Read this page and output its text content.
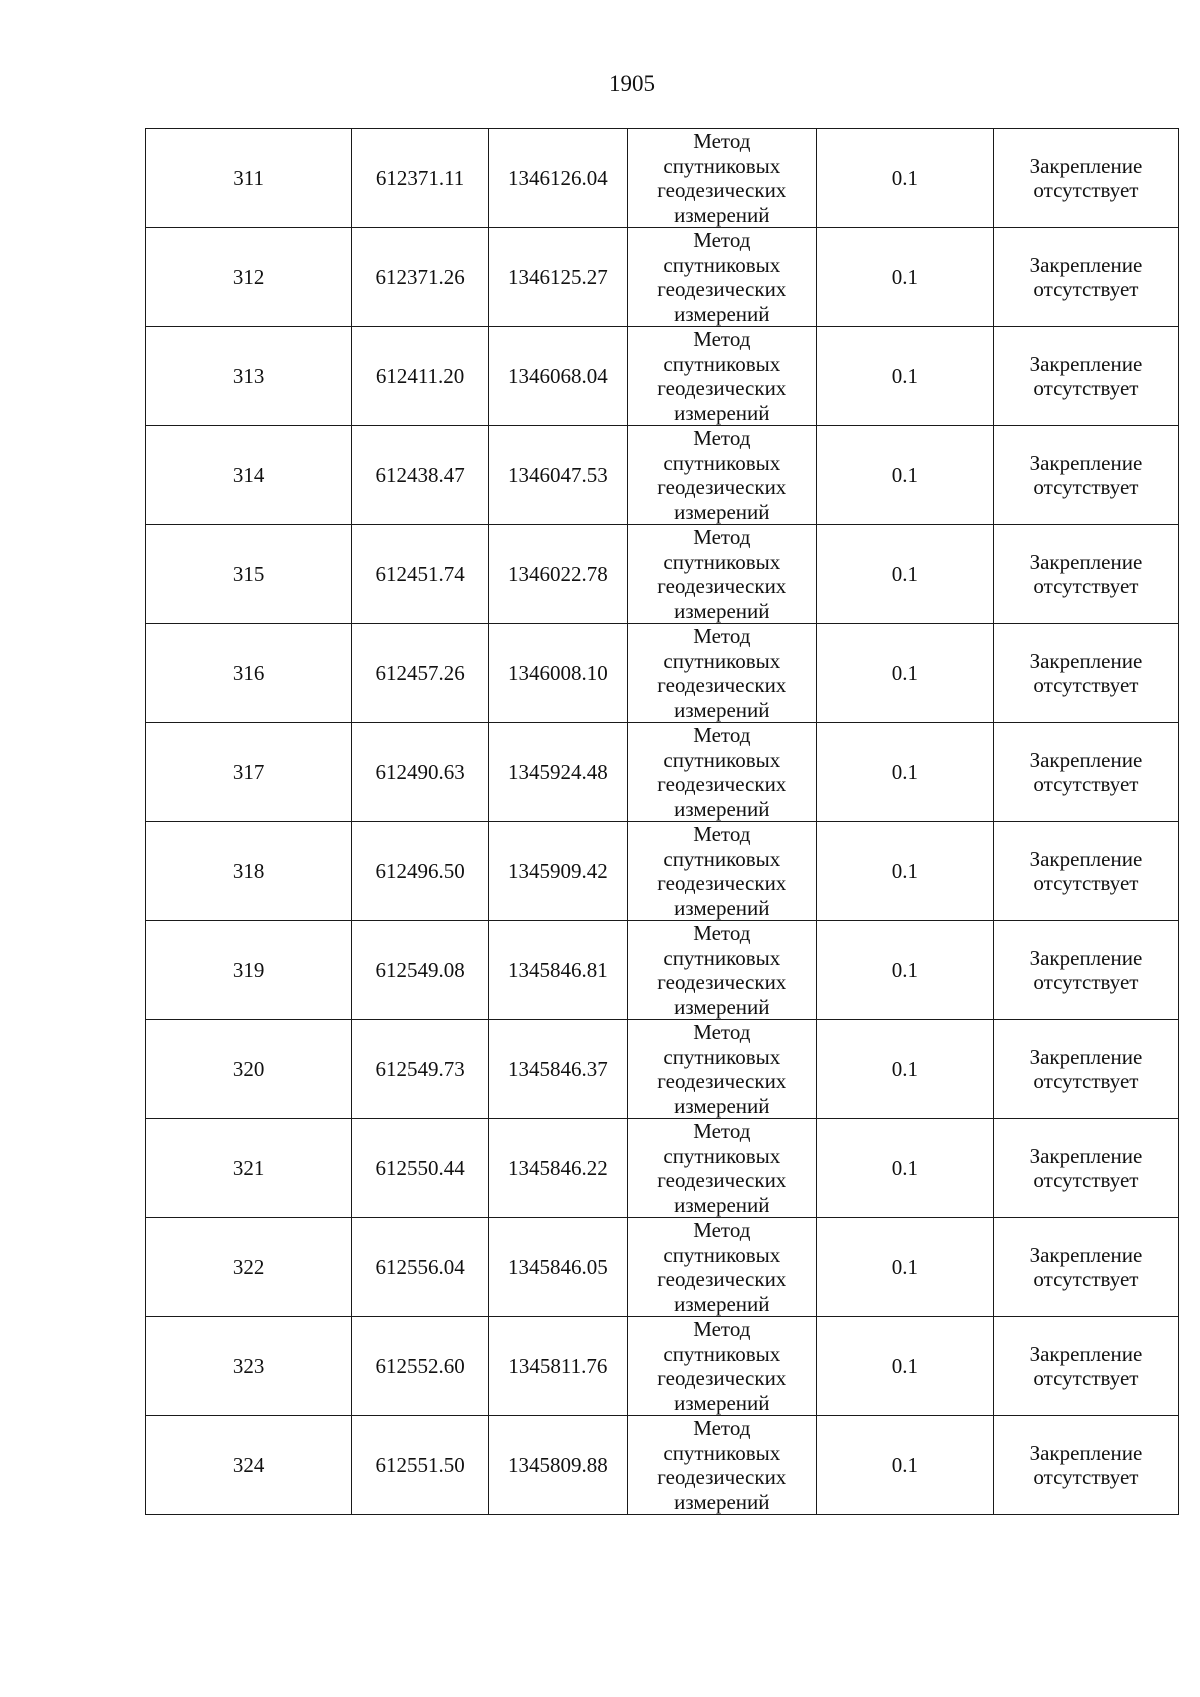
1905
311	612371.11	1346126.04	Метод
спутниковых
геодезических
измерений	0.1	Закрепление
отсутствует

312	612371.26	1346125.27	Метод
спутниковых
геодезических
измерений	0.1	Закрепление
отсутствует

313	612411.20	1346068.04	Метод
спутниковых
геодезических
измерений	0.1	Закрепление
отсутствует

314	612438.47	1346047.53	Метод
спутниковых
геодезических
измерений	0.1	Закрепление
отсутствует

315	612451.74	1346022.78	Метод
спутниковых
геодезических
измерений	0.1	Закрепление
отсутствует

316	612457.26	1346008.10	Метод
спутниковых
геодезических
измерений	0.1	Закрепление
отсутствует

317	612490.63	1345924.48	Метод
спутниковых
геодезических
измерений	0.1	Закрепление
отсутствует

318	612496.50	1345909.42	Метод
спутниковых
геодезических
измерений	0.1	Закрепление
отсутствует

319	612549.08	1345846.81	Метод
спутниковых
геодезических
измерений	0.1	Закрепление
отсутствует

320	612549.73	1345846.37	Метод
спутниковых
геодезических
измерений	0.1	Закрепление
отсутствует

321	612550.44	1345846.22	Метод
спутниковых
геодезических
измерений	0.1	Закрепление
отсутствует

322	612556.04	1345846.05	Метод
спутниковых
геодезических
измерений	0.1	Закрепление
отсутствует

323	612552.60	1345811.76	Метод
спутниковых
геодезических
измерений	0.1	Закрепление
отсутствует

324	612551.50	1345809.88	Метод
спутниковых
геодезических
измерений	0.1	Закрепление
отсутствует
